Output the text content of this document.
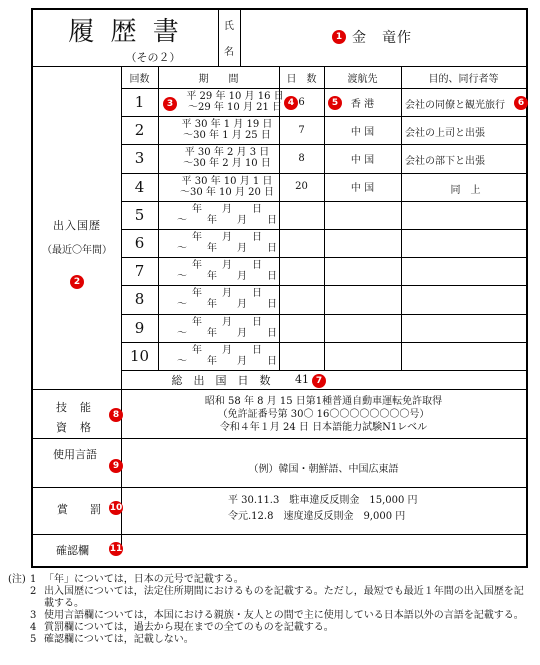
履 歴 書
（その２）
氏
名
1 金　竜作
出入国歴
（最近〇年間）
2
回数	期　　間	日　数	渡航先	目的、同行者等
1	平 29 年 10 月 16 日
～29 年 10 月 21 日	6	香 港	会社の同僚と観光旅行
2	平 30 年 1 月 19 日
～30 年 1 月 25 日	7	中 国	会社の上司と出張
3	平 30 年 2 月 3 日
～30 年 2 月 10 日	8	中 国	会社の部下と出張
4	平 30 年 10 月 1 日
～30 年 10 月 20 日	20	中 国	同　上
5	年　　月　　日
～　　年　　月　　日
6	年　　月　　日
～　　年　　月　　日
7	年　　月　　日
～　　年　　月　　日
8	年　　月　　日
～　　年　　月　　日
9	年　　月　　日
～　　年　　月　　日
10	年　　月　　日
～　　年　　月　　日
3	4	5	6
総　出　国　日　数	41 7
技　能
資　格
8
昭和 58 年 8 月 15 日第1種普通自動車運転免許取得
（免許証番号第 30〇 16〇〇〇〇〇〇〇〇号）
令和４年１月 24 日 日本語能力試験N1レベル
使用言語
9	（例）韓国・朝鮮語、中国広東語
賞　　罰 10
平 30.11.3　駐車違反反則金　15,000 円
令元.12.8　速度違反反則金　9,000 円
確認欄 11
(注) 1 「年」については，日本の元号で記載する。
2 出入国歴については，法定住所期間におけるものを記載する。ただし，最短でも最近１年間の出入国歴を記載する。
3 使用言語欄については，本国における親族・友人との間で主に使用している日本語以外の言語を記載する。
4 賞罰欄については，過去から現在までの全てのものを記載する。
5 確認欄については，記載しない。
